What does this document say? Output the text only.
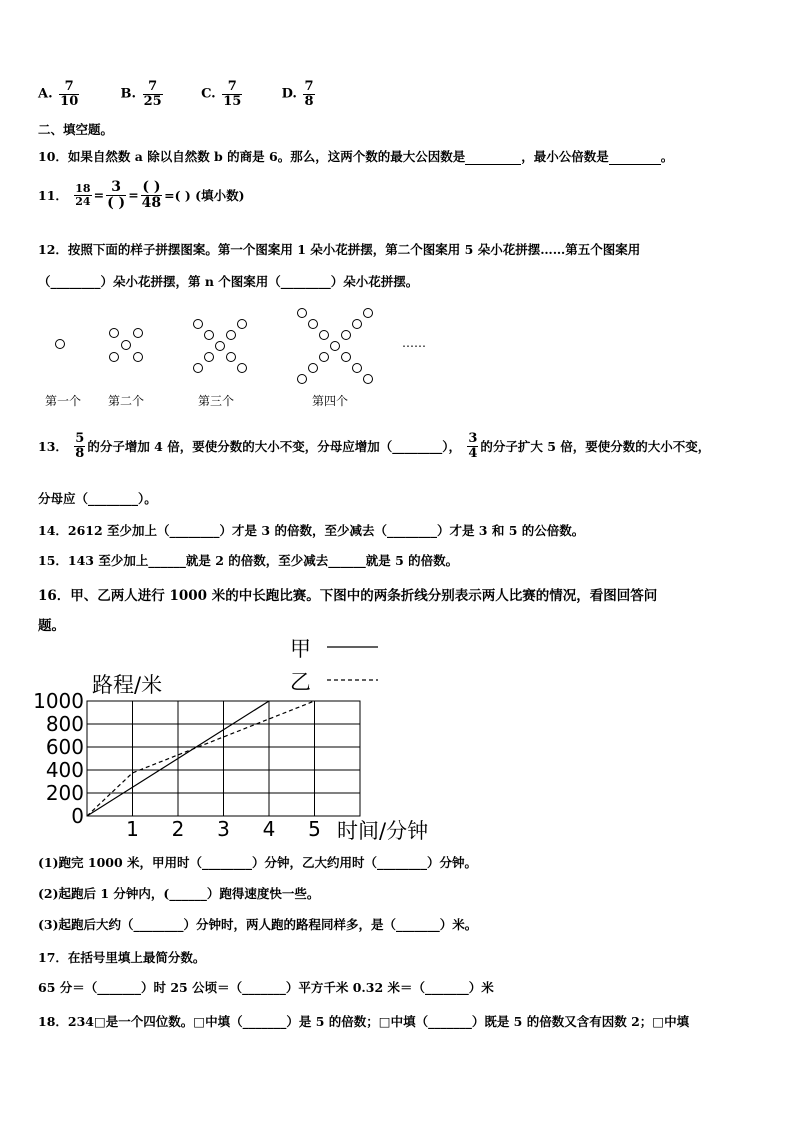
A. $\frac{7}{10}$	B. $\frac{7}{25}$	C. $\frac{7}{15}$	D. $\frac{7}{8}$
二、填空题。
10．如果自然数 a 除以自然数 b 的商是 6。那么，这两个数的最大公因数是	，最小公倍数是	。
11． $\frac{18}{24} = \frac{3}{( )} = \frac{( )}{48}$ =( ) (填小数)
12．按照下面的样子拼摆图案。第一个图案用 1 朵小花拼摆，第二个图案用 5 朵小花拼摆……第五个图案用
（________）朵小花拼摆，第 n 个图案用（________）朵小花拼摆。
……
第一个 第二个	第三个	第四个
13． $\frac{5}{8}$ 的分子增加 4 倍，要使分数的大小不变，分母应增加（________）， $\frac{3}{4}$ 的分子扩大 5 倍，要使分数的大小不变，
分母应（________）。
14．2612 至少加上（________）才是 3 的倍数，至少减去（________）才是 3 和 5 的公倍数。
15．143 至少加上______就是 2 的倍数，至少减去______就是 5 的倍数。
16．甲、乙两人进行 1000 米的中长跑比赛。下图中的两条折线分别表示两人比赛的情况，看图回答问
题。
0
200
400
600
800
1000
1 2 3 4 5
路程/米
时间/分钟
甲
乙
(1)跑完 1000 米，甲用时（________）分钟，乙大约用时（________）分钟。
(2)起跑后 1 分钟内，(______）跑得速度快一些。
(3)起跑后大约（________）分钟时，两人跑的路程同样多，是（_______）米。
17．在括号里填上最简分数。
65 分＝（_______）时 25 公顷＝（_______）平方千米 0.32 米＝（_______）米
18．234□是一个四位数。□中填（_______）是 5 的倍数；□中填（_______）既是 5 的倍数又含有因数 2；□中填
